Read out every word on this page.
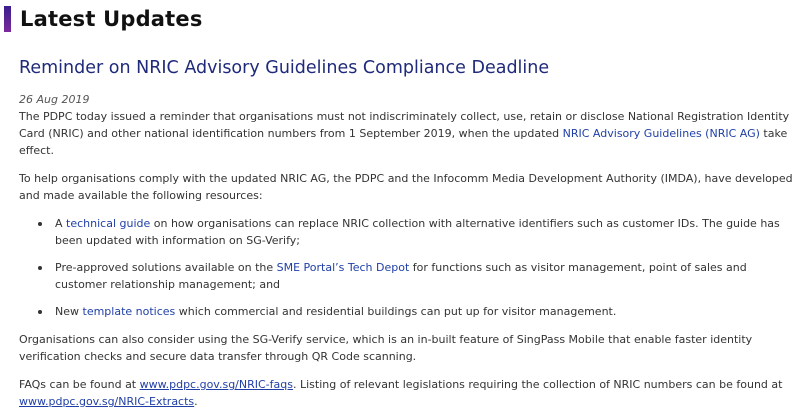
Latest Updates
Reminder on NRIC Advisory Guidelines Compliance Deadline
26 Aug 2019

The PDPC today issued a reminder that organisations must not indiscriminately collect, use, retain or disclose National Registration Identity Card (NRIC) and other national identification numbers from 1 September 2019, when the updated NRIC Advisory Guidelines (NRIC AG) take effect.

To help organisations comply with the updated NRIC AG, the PDPC and the Infocomm Media Development Authority (IMDA), have developed and made available the following resources:

A technical guide on how organisations can replace NRIC collection with alternative identifiers such as customer IDs. The guide has been updated with information on SG-Verify;
Pre-approved solutions available on the SME Portal’s Tech Depot for functions such as visitor management, point of sales and customer relationship management; and
New template notices which commercial and residential buildings can put up for visitor management.

Organisations can also consider using the SG-Verify service, which is an in-built feature of SingPass Mobile that enable faster identity verification checks and secure data transfer through QR Code scanning.

FAQs can be found at www.pdpc.gov.sg/NRIC-faqs. Listing of relevant legislations requiring the collection of NRIC numbers can be found at www.pdpc.gov.sg/NRIC-Extracts.
